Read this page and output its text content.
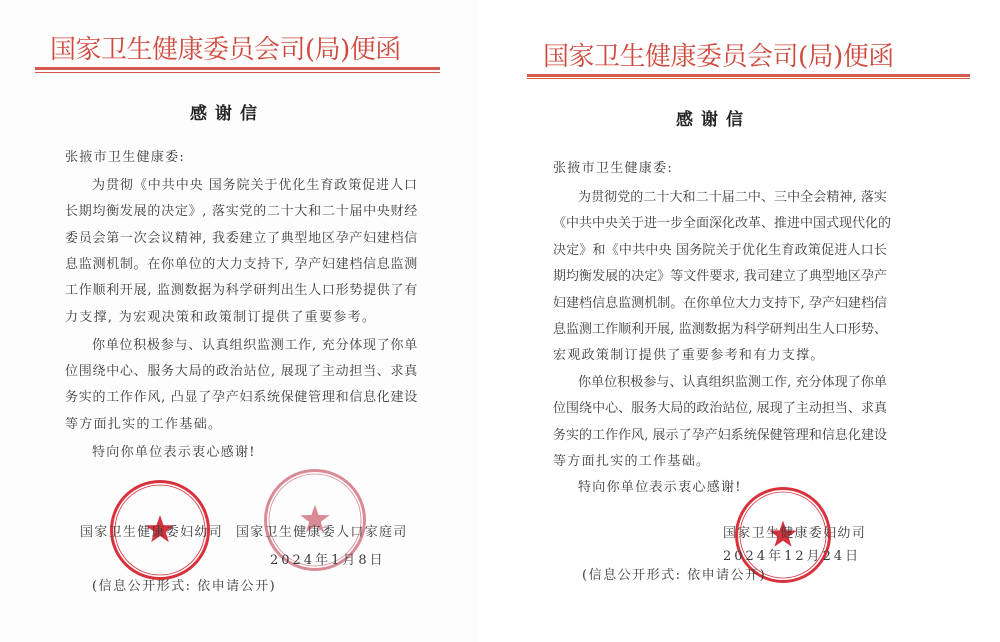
国家卫生健康委员会司(局)便函
感谢信
张掖市卫生健康委:
为贯彻《中共中央 国务院关于优化生育政策促进人口
长期均衡发展的决定》, 落实党的二十大和二十届中央财经
委员会第一次会议精神, 我委建立了典型地区孕产妇建档信
息监测机制。在你单位的大力支持下, 孕产妇建档信息监测
工作顺利开展, 监测数据为科学研判出生人口形势提供了有
力支撑, 为宏观决策和政策制订提供了重要参考。
你单位积极参与、认真组织监测工作, 充分体现了你单
位围绕中心、服务大局的政治站位, 展现了主动担当、求真
务实的工作作风, 凸显了孕产妇系统保健管理和信息化建设
等方面扎实的工作基础。
特向你单位表示衷心感谢!
国家卫生健康委妇幼司 国家卫生健康委人口家庭司
2024年1月8日
(信息公开形式: 依申请公开)
国家卫生健康委员会司(局)便函
感谢信
张掖市卫生健康委:
为贯彻党的二十大和二十届二中、三中全会精神, 落实
《中共中央关于进一步全面深化改革、推进中国式现代化的
决定》和《中共中央 国务院关于优化生育政策促进人口长
期均衡发展的决定》等文件要求, 我司建立了典型地区孕产
妇建档信息监测机制。在你单位大力支持下, 孕产妇建档信
息监测工作顺利开展, 监测数据为科学研判出生人口形势、
宏观政策制订提供了重要参考和有力支撑。
你单位积极参与、认真组织监测工作, 充分体现了你单
位围绕中心、服务大局的政治站位, 展现了主动担当、求真
务实的工作作风, 展示了孕产妇系统保健管理和信息化建设
等方面扎实的工作基础。
特向你单位表示衷心感谢!
国家卫生健康委妇幼司
2024年12月24日
(信息公开形式: 依申请公开)
